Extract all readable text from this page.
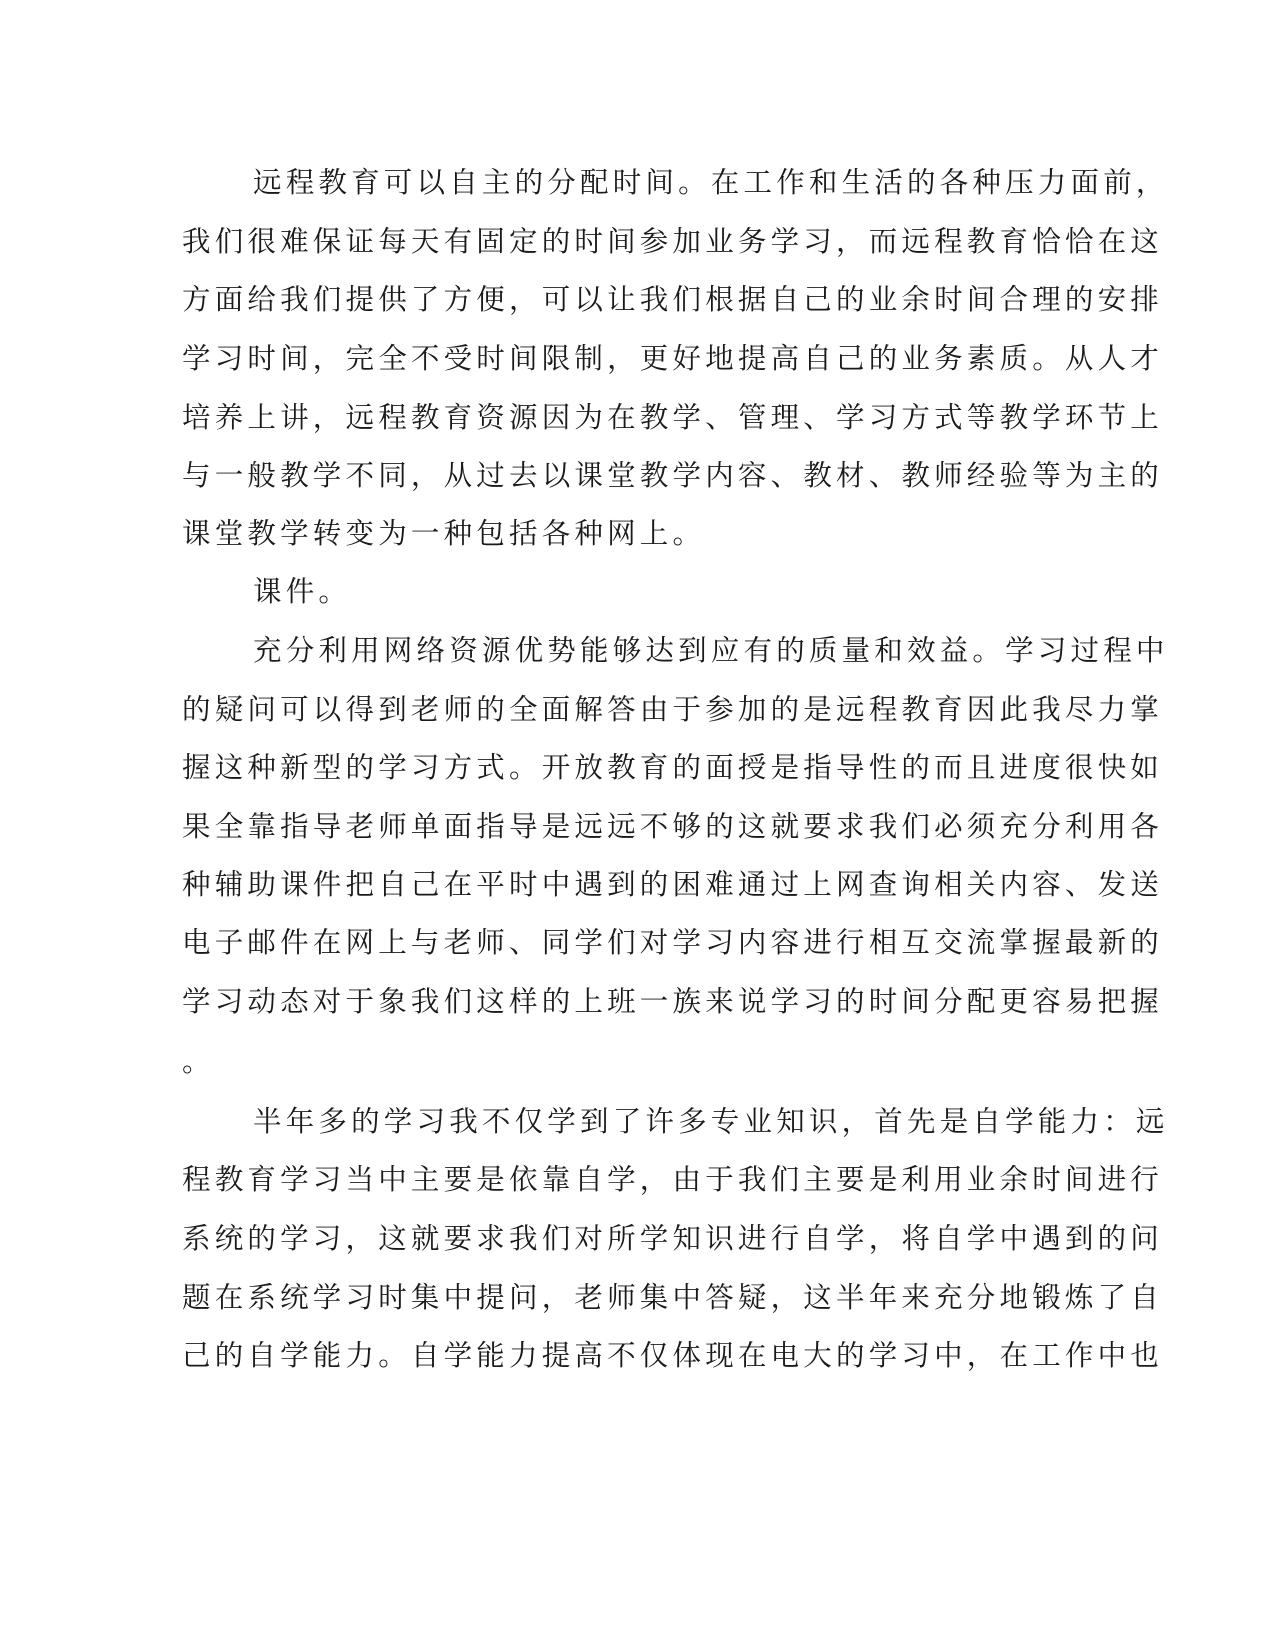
远程教育可以自主的分配时间。在工作和生活的各种压力面前，
我们很难保证每天有固定的时间参加业务学习，而远程教育恰恰在这
方面给我们提供了方便，可以让我们根据自己的业余时间合理的安排
学习时间，完全不受时间限制，更好地提高自己的业务素质。从人才
培养上讲，远程教育资源因为在教学、管理、学习方式等教学环节上
与一般教学不同，从过去以课堂教学内容、教材、教师经验等为主的
课堂教学转变为一种包括各种网上。
课件。
充分利用网络资源优势能够达到应有的质量和效益。学习过程中
的疑问可以得到老师的全面解答由于参加的是远程教育因此我尽力掌
握这种新型的学习方式。开放教育的面授是指导性的而且进度很快如
果全靠指导老师单面指导是远远不够的这就要求我们必须充分利用各
种辅助课件把自己在平时中遇到的困难通过上网查询相关内容、发送
电子邮件在网上与老师、同学们对学习内容进行相互交流掌握最新的
学习动态对于象我们这样的上班一族来说学习的时间分配更容易把握
。
半年多的学习我不仅学到了许多专业知识，首先是自学能力：远
程教育学习当中主要是依靠自学，由于我们主要是利用业余时间进行
系统的学习，这就要求我们对所学知识进行自学，将自学中遇到的问
题在系统学习时集中提问，老师集中答疑，这半年来充分地锻炼了自
己的自学能力。自学能力提高不仅体现在电大的学习中，在工作中也
